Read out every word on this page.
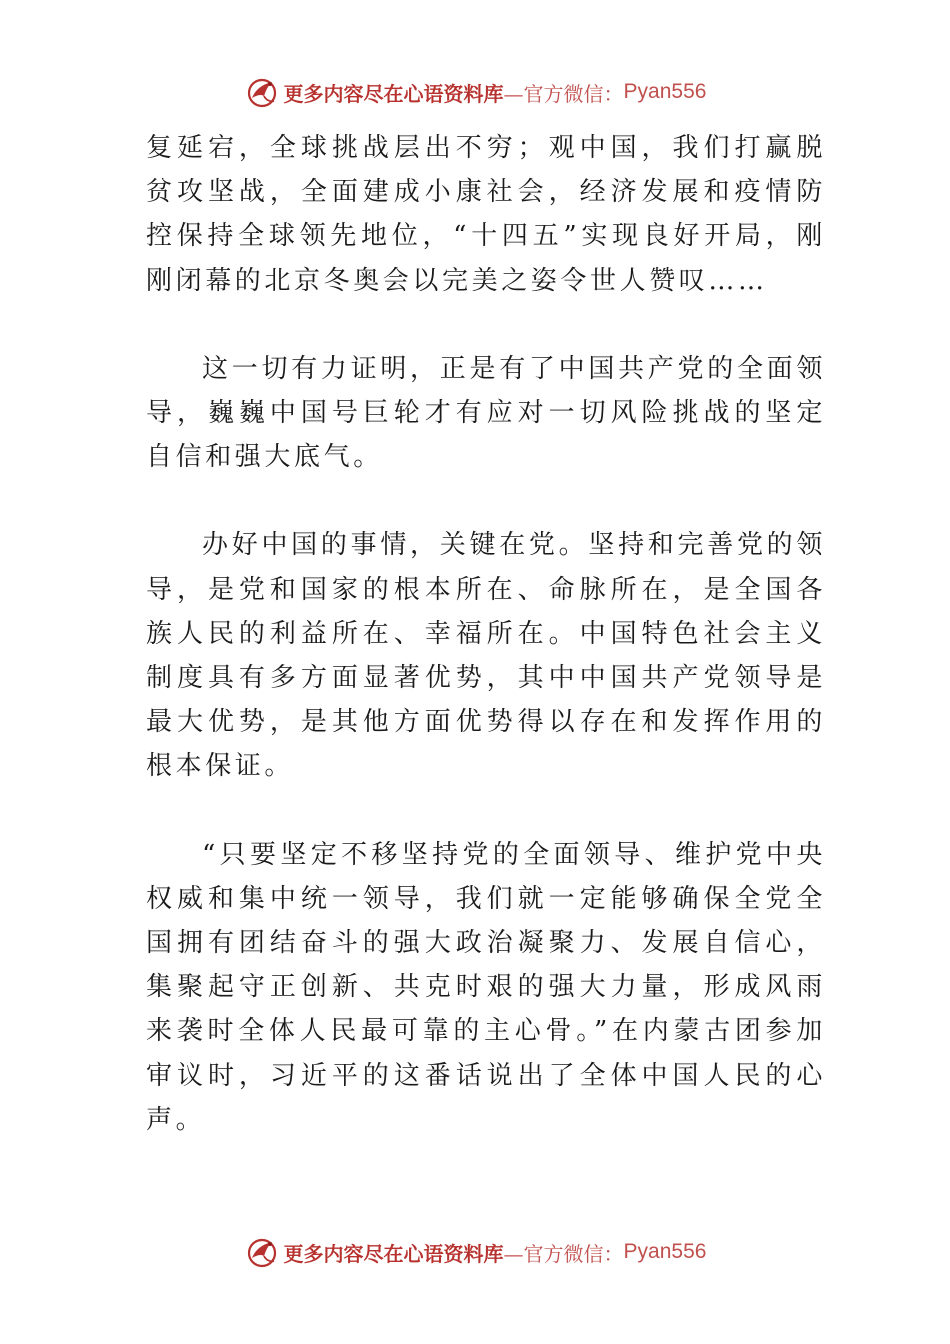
更多内容尽在心语资料库 —官方微信： Pyan556

复延宕，全球挑战层出不穷；观中国，我们打赢脱贫攻坚战，全面建成小康社会，经济发展和疫情防控保持全球领先地位，“十四五”实现良好开局，刚刚闭幕的北京冬奥会以完美之姿令世人赞叹……

这一切有力证明，正是有了中国共产党的全面领导，巍巍中国号巨轮才有应对一切风险挑战的坚定自信和强大底气。

办好中国的事情，关键在党。坚持和完善党的领导，是党和国家的根本所在、命脉所在，是全国各族人民的利益所在、幸福所在。中国特色社会主义制度具有多方面显著优势，其中中国共产党领导是最大优势，是其他方面优势得以存在和发挥作用的根本保证。

“只要坚定不移坚持党的全面领导、维护党中央权威和集中统一领导，我们就一定能够确保全党全国拥有团结奋斗的强大政治凝聚力、发展自信心，集聚起守正创新、共克时艰的强大力量，形成风雨来袭时全体人民最可靠的主心骨。”在内蒙古团参加审议时，习近平的这番话说出了全体中国人民的心声。

更多内容尽在心语资料库 —官方微信： Pyan556
